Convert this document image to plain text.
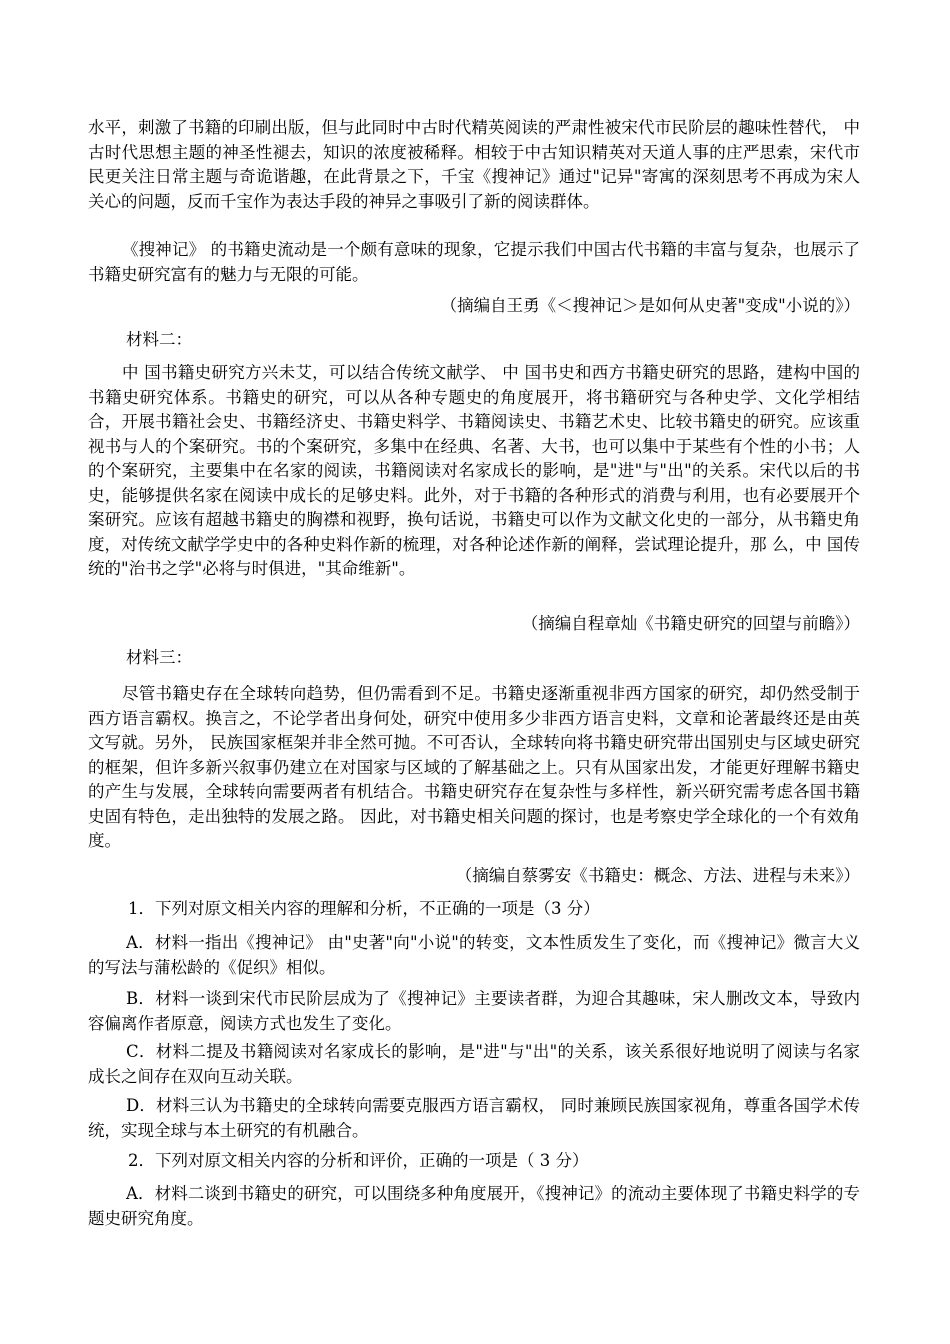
水平，刺激了书籍的印刷出版，但与此同时中古时代精英阅读的严肃性被宋代市民阶层的趣味性替代， 中古时代思想主题的神圣性褪去，知识的浓度被稀释。相较于中古知识精英对天道人事的庄严思索，宋代市民更关注日常主题与奇诡谐趣，在此背景之下，千宝《搜神记》通过"记异"寄寓的深刻思考不再成为宋人关心的问题，反而千宝作为表达手段的神异之事吸引了新的阅读群体。

《搜神记》 的书籍史流动是一个颇有意味的现象，它提示我们中国古代书籍的丰富与复杂，也展示了书籍史研究富有的魅力与无限的可能。

（摘编自王勇《＜搜神记＞是如何从史著"变成"小说的》）
材料二：

中 国书籍史研究方兴未艾，可以结合传统文献学、 中 国书史和西方书籍史研究的思路，建构中国的书籍史研究体系。书籍史的研究，可以从各种专题史的角度展开，将书籍研究与各种史学、文化学相结合，开展书籍社会史、书籍经济史、书籍史料学、书籍阅读史、书籍艺术史、比较书籍史的研究。应该重视书与人的个案研究。书的个案研究，多集中在经典、名著、大书，也可以集中于某些有个性的小书；人的个案研究，主要集中在名家的阅读，书籍阅读对名家成长的影响，是"进"与"出"的关系。宋代以后的书史，能够提供名家在阅读中成长的足够史料。此外，对于书籍的各种形式的消费与利用，也有必要展开个案研究。应该有超越书籍史的胸襟和视野，换句话说，书籍史可以作为文献文化史的一部分，从书籍史角度，对传统文献学学史中的各种史料作新的梳理，对各种论述作新的阐释，尝试理论提升，那 么，中 国传统的"治书之学"必将与时俱进，"其命维新"。

（摘编自程章灿《书籍史研究的回望与前瞻》）
材料三：

尽管书籍史存在全球转向趋势，但仍需看到不足。书籍史逐渐重视非西方国家的研究，却仍然受制于西方语言霸权。换言之，不论学者出身何处，研究中使用多少非西方语言史料，文章和论著最终还是由英文写就。另外， 民族国家框架并非全然可抛。不可否认，全球转向将书籍史研究带出国别史与区域史研究的框架，但许多新兴叙事仍建立在对国家与区域的了解基础之上。只有从国家出发，才能更好理解书籍史的产生与发展，全球转向需要两者有机结合。书籍史研究存在复杂性与多样性，新兴研究需考虑各国书籍史固有特色，走出独特的发展之路。 因此，对书籍史相关问题的探讨，也是考察史学全球化的一个有效角度。

（摘编自蔡雾安《书籍史：概念、方法、进程与未来》）
1．下列对原文相关内容的理解和分析，不正确的一项是（3 分）

A．材料一指出《搜神记》 由"史著"向"小说"的转变，文本性质发生了变化，而《搜神记》微言大义的写法与蒲松龄的《促织》相似。

B．材料一谈到宋代市民阶层成为了《搜神记》主要读者群，为迎合其趣味，宋人删改文本，导致内容偏离作者原意，阅读方式也发生了变化。

C．材料二提及书籍阅读对名家成长的影响，是"进"与"出"的关系，该关系很好地说明了阅读与名家成长之间存在双向互动关联。

D．材料三认为书籍史的全球转向需要克服西方语言霸权， 同时兼顾民族国家视角，尊重各国学术传统，实现全球与本土研究的有机融合。

2．下列对原文相关内容的分析和评价，正确的一项是（ 3 分）

A．材料二谈到书籍史的研究，可以围绕多种角度展开，《搜神记》的流动主要体现了书籍史料学的专题史研究角度。
